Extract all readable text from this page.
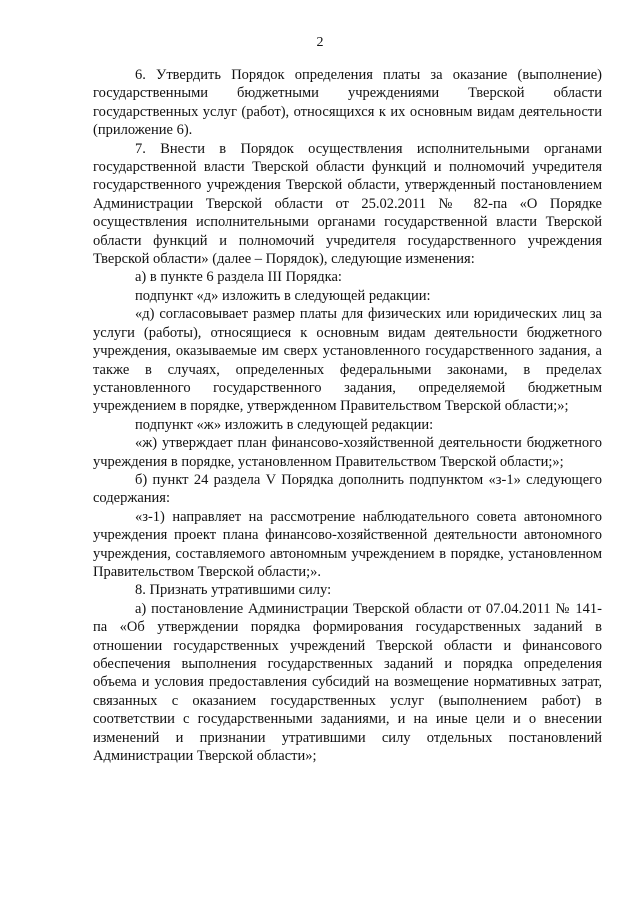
2

6. Утвердить Порядок определения платы за оказание (выполнение) государственными бюджетными учреждениями Тверской области государственных услуг (работ), относящихся к их основным видам деятельности (приложение 6).

7. Внести в Порядок осуществления исполнительными органами государственной власти Тверской области функций и полномочий учредителя государственного учреждения Тверской области, утвержденный постановлением Администрации Тверской области от 25.02.2011 № 82-па «О Порядке осуществления исполнительными органами государственной власти Тверской области функций и полномочий учредителя государственного учреждения Тверской области» (далее – Порядок), следующие изменения:

а) в пункте 6 раздела III Порядка:

подпункт «д» изложить в следующей редакции:

«д) согласовывает размер платы для физических или юридических лиц за услуги (работы), относящиеся к основным видам деятельности бюджетного учреждения, оказываемые им сверх установленного государственного задания, а также в случаях, определенных федеральными законами, в пределах установленного государственного задания, определяемой бюджетным учреждением в порядке, утвержденном Правительством Тверской области;»;

подпункт «ж» изложить в следующей редакции:

«ж) утверждает план финансово-хозяйственной деятельности бюджетного учреждения в порядке, установленном Правительством Тверской области;»;

б) пункт 24 раздела V Порядка дополнить подпунктом «з-1» следующего содержания:

«з-1) направляет на рассмотрение наблюдательного совета автономного учреждения проект плана финансово-хозяйственной деятельности автономного учреждения, составляемого автономным учреждением в порядке, установленном Правительством Тверской области;».

8. Признать утратившими силу:

а) постановление Администрации Тверской области от 07.04.2011 № 141-па «Об утверждении порядка формирования государственных заданий в отношении государственных учреждений Тверской области и финансового обеспечения выполнения государственных заданий и порядка определения объема и условия предоставления субсидий на возмещение нормативных затрат, связанных с оказанием государственных услуг (выполнением работ) в соответствии с государственными заданиями, и на иные цели и о внесении изменений и признании утратившими силу отдельных постановлений Администрации Тверской области»;
